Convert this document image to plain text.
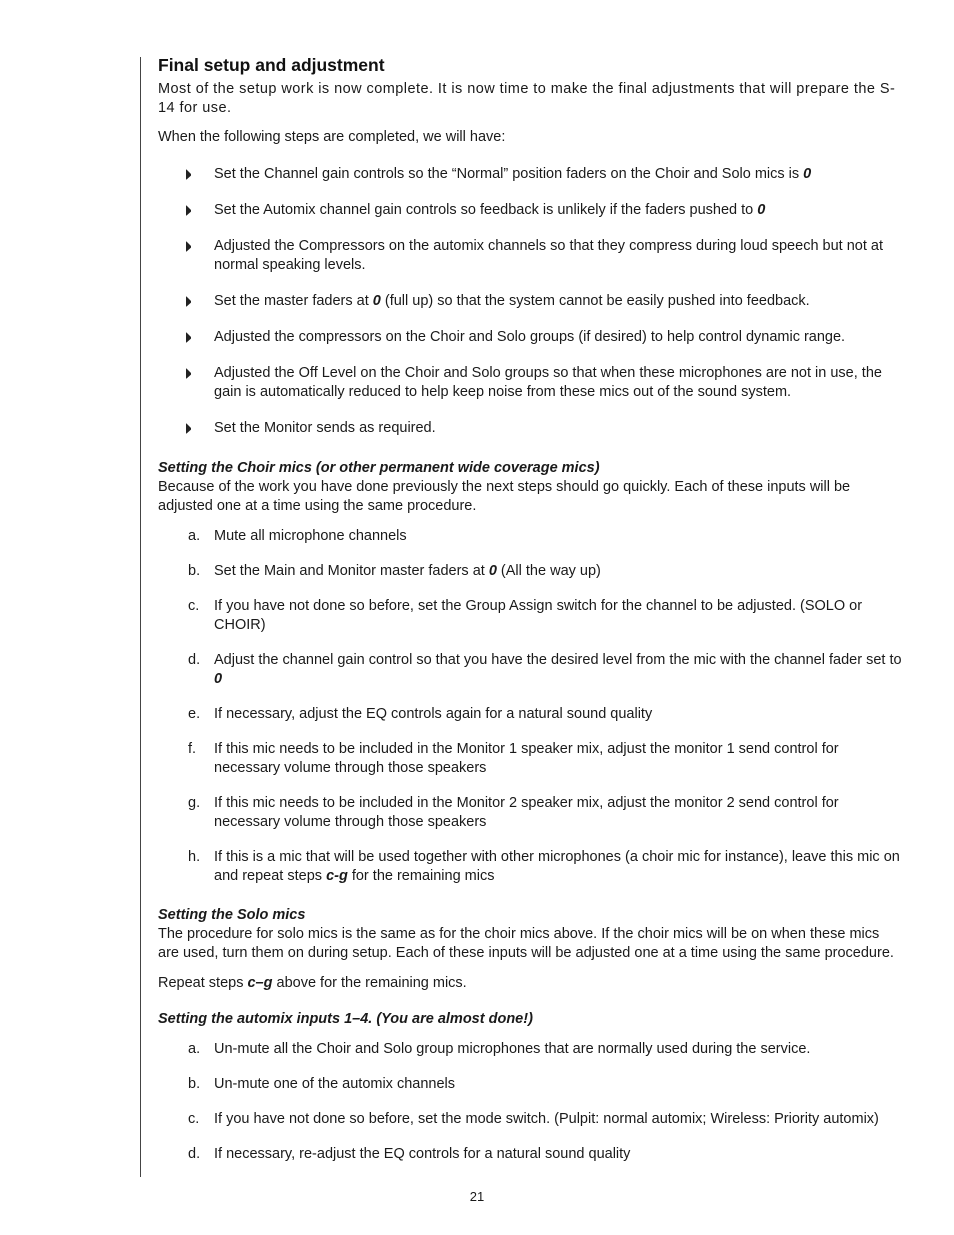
Final setup and adjustment

Most of the setup work is now complete. It is now time to make the final adjustments that will prepare the S-14 for use.

When the following steps are completed, we will have:

Set the Channel gain controls so the “Normal” position faders on the Choir and Solo mics is 0
Set the Automix channel gain controls so feedback is unlikely if the faders pushed to 0
Adjusted the Compressors on the automix channels so that they compress during loud speech but not at normal speaking levels.
Set the master faders at 0 (full up) so that the system cannot be easily pushed into feedback.
Adjusted the compressors on the Choir and Solo groups (if desired) to help control dynamic range.
Adjusted the Off Level on the Choir and Solo groups so that when these microphones are not in use, the gain is automatically reduced to help keep noise from these mics out of the sound system.
Set the Monitor sends as required.

Setting the Choir mics (or other permanent wide coverage mics)

Because of the work you have done previously the next steps should go quickly. Each of these inputs will be adjusted one at a time using the same procedure.

a. Mute all microphone channels
b. Set the Main and Monitor master faders at 0 (All the way up)
c.	If you have not done so before, set the Group Assign switch for the channel to be adjusted. (SOLO or CHOIR)
d. Adjust the channel gain control so that you have the desired level from the mic with the channel fader set to 0
e. If necessary, adjust the EQ controls again for a natural sound quality
f.	If this mic needs to be included in the Monitor 1 speaker mix, adjust the monitor 1 send control for necessary volume through those speakers
g. If this mic needs to be included in the Monitor 2 speaker mix, adjust the monitor 2 send control for necessary volume through those speakers
h. If this is a mic that will be used together with other microphones (a choir mic for instance), leave this mic on and repeat steps c-g for the remaining mics

Setting the Solo mics

The procedure for solo mics is the same as for the choir mics above. If the choir mics will be on when these mics are used, turn them on during setup. Each of these inputs will be adjusted one at a time using the same procedure.

Repeat steps c–g above for the remaining mics.

Setting the automix inputs 1–4. (You are almost done!)

a. Un-mute all the Choir and Solo group microphones that are normally used during the service.
b. Un-mute one of the automix channels
c.	If you have not done so before, set the mode switch. (Pulpit: normal automix; Wireless: Priority automix)
d. If necessary, re-adjust the EQ controls for a natural sound quality
21
